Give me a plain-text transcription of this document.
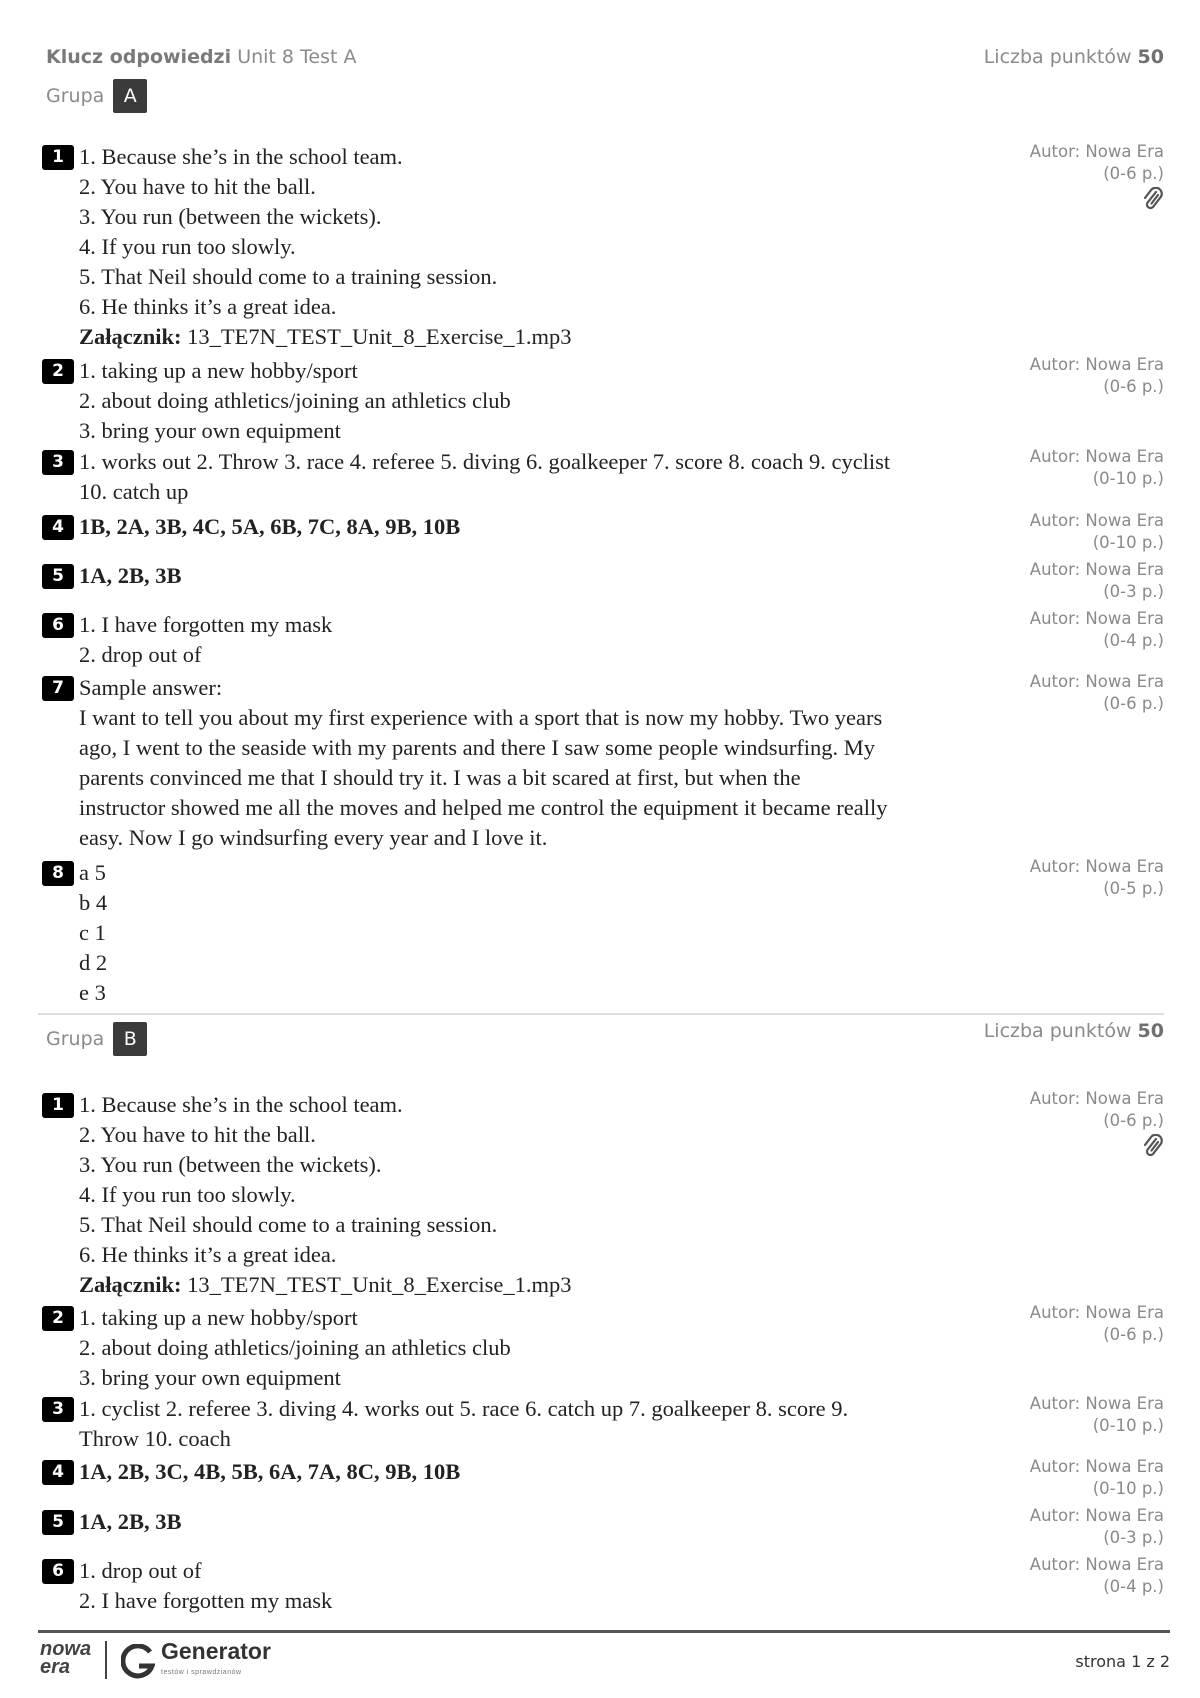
Klucz odpowiedzi Unit 8 Test A	Liczba punktów 50
Grupa	A
1 1. Because she’s in the school team.
2. You have to hit the ball.
3. You run (between the wickets).
4. If you run too slowly.
5. That Neil should come to a training session.
6. He thinks it’s a great idea.
Załącznik: 13_TE7N_TEST_Unit_8_Exercise_1.mp3
Autor: Nowa Era
(0-6 p.)
2 1. taking up a new hobby/sport
2. about doing athletics/joining an athletics club
3. bring your own equipment
Autor: Nowa Era
(0-6 p.)
3 1. works out 2. Throw 3. race 4. referee 5. diving 6. goalkeeper 7. score 8. coach 9. cyclist
10. catch up
Autor: Nowa Era
(0-10 p.)
4 1B, 2A, 3B, 4C, 5A, 6B, 7C, 8A, 9B, 10B	Autor: Nowa Era
(0-10 p.)
5 1A, 2B, 3B	Autor: Nowa Era
(0-3 p.)
6 1. I have forgotten my mask
2. drop out of
Autor: Nowa Era
(0-4 p.)
7 Sample answer:
I want to tell you about my first experience with a sport that is now my hobby. Two years
ago, I went to the seaside with my parents and there I saw some people windsurfing. My
parents convinced me that I should try it. I was a bit scared at first, but when the
instructor showed me all the moves and helped me control the equipment it became really
easy. Now I go windsurfing every year and I love it.
Autor: Nowa Era
(0-6 p.)
8 a 5
b 4
c 1
d 2
e 3
Autor: Nowa Era
(0-5 p.)
Liczba punktów 50
Grupa	B
1 1. Because she’s in the school team.
2. You have to hit the ball.
3. You run (between the wickets).
4. If you run too slowly.
5. That Neil should come to a training session.
6. He thinks it’s a great idea.
Załącznik: 13_TE7N_TEST_Unit_8_Exercise_1.mp3
Autor: Nowa Era
(0-6 p.)
2 1. taking up a new hobby/sport
2. about doing athletics/joining an athletics club
3. bring your own equipment
Autor: Nowa Era
(0-6 p.)
3 1. cyclist 2. referee 3. diving 4. works out 5. race 6. catch up 7. goalkeeper 8. score 9.
Throw 10. coach
Autor: Nowa Era
(0-10 p.)
4 1A, 2B, 3C, 4B, 5B, 6A, 7A, 8C, 9B, 10B	Autor: Nowa Era
(0-10 p.)
5 1A, 2B, 3B	Autor: Nowa Era
(0-3 p.)
6 1. drop out of
2. I have forgotten my mask
Autor: Nowa Era
(0-4 p.)
nowa
era
Generator
testów i sprawdzianów
strona 1 z 2
